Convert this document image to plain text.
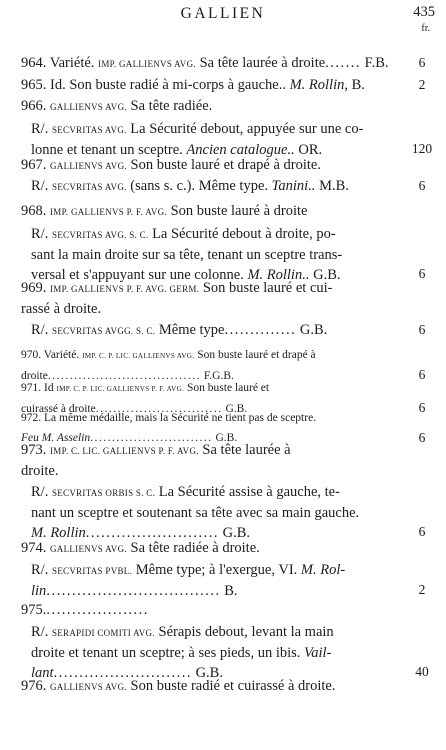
GALLIEN	435
fr.
964. Variété. IMP. GALLIENVS AVG. Sa tête laurée à droite....... F.B.	6
965. Id. Son buste radié à mi-corps à gauche.. M. Rollin, B.	2
966. GALLIENVS AVG. Sa tête radiée.
R/. SECVRITAS AVG. La Sécurité debout, appuyée sur une co-
lonne et tenant un sceptre. Ancien catalogue.. OR.	120
967. GALLIENVS AVG. Son buste lauré et drapé à droite.
R/. SECVRITAS AVG. (sans s. c.). Même type. Tanini.. M.B.	6
968. IMP. GALLIENVS P. F. AVG. Son buste lauré à droite
R/. SECVRITAS AVG. S. C. La Sécurité debout à droite, po-
sant la main droite sur sa tête, tenant un sceptre trans-
versal et s'appuyant sur une colonne. M. Rollin.. G.B.	6
969. IMP. GALLIENVS P. F. AVG. GERM. Son buste lauré et cui-
rassé à droite.
R/. SECVRITAS AVGG. S. C. Même type.............. G.B.	6
970. Variété. IMP. C. P. LIC. GALLIENVS AVG. Son buste lauré et drapé à
droite................................... F.G.B.	6
971. Id IMP. C. P. LIC. GALLIENVS P. F. AVG. Son buste lauré et
cuirassé à droite............................. G.B.	6
972. La même médaille, mais la Sécurité ne tient pas de sceptre.
Feu M. Asselin............................ G.B.	6
973. IMP. C. LIC. GALLIENVS P. F. AVG. Sa tête laurée à
droite.
R/. SECVRITAS ORBIS S. C. La Sécurité assise à gauche, te-
nant un sceptre et soutenant sa tête avec sa main gauche.
M. Rollin.......................... G.B.	6
974. GALLIENVS AVG. Sa tête radiée à droite.
R/. SECVRITAS PVBL. Même type; à l'exergue, VI. M. Rol-
lin.................................. B.	2
975.....................
R/. SERAPIDI COMITI AVG. Sérapis debout, levant la main
droite et tenant un sceptre; à ses pieds, un ibis. Vail-
lant........................... G.B.	40
976. GALLIENVS AVG. Son buste radié et cuirassé à droite.
